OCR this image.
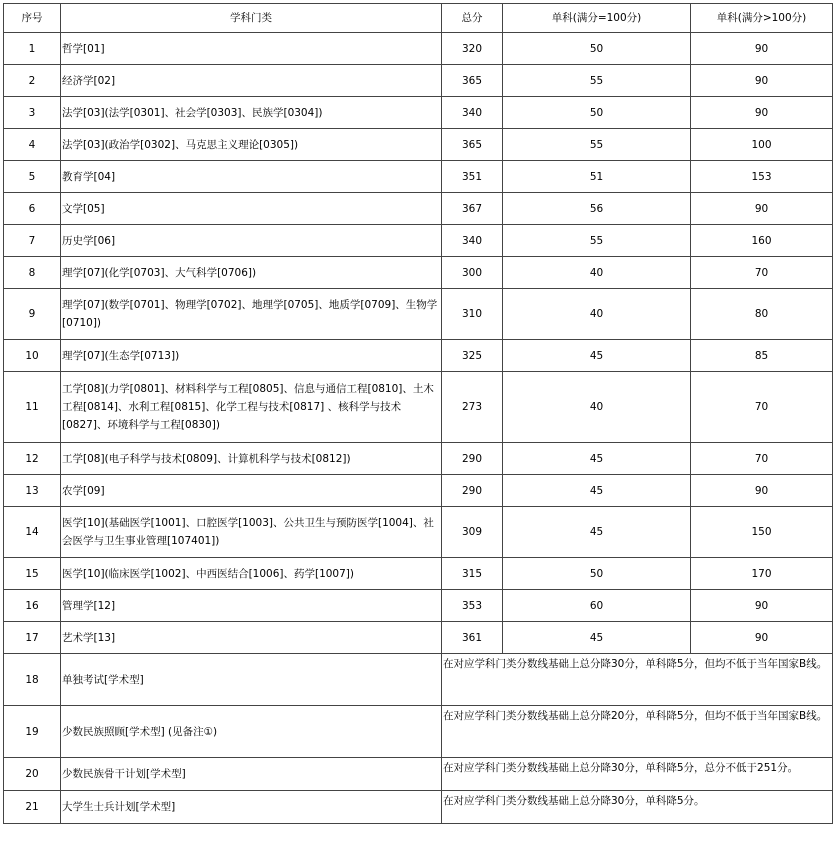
序号	学科门类	总分	单科(满分=100分)	单科(满分>100分)
1	哲学[01]	320	50	90
2	经济学[02]	365	55	90
3	法学[03](法学[0301]、社会学[0303]、民族学[0304])	340	50	90
4	法学[03](政治学[0302]、马克思主义理论[0305])	365	55	100
5	教育学[04]	351	51	153
6	文学[05]	367	56	90
7	历史学[06]	340	55	160
8	理学[07](化学[0703]、大气科学[0706])	300	40	70
9	理学[07](数学[0701]、物理学[0702]、地理学[0705]、地质学[0709]、生物学[0710])	310	40	80
10	理学[07](生态学[0713])	325	45	85
11	工学[08](力学[0801]、材料科学与工程[0805]、信息与通信工程[0810]、土木工程[0814]、水利工程[0815]、化学工程与技术[0817] 、核科学与技术[0827]、环境科学与工程[0830])	273	40	70
12	工学[08](电子科学与技术[0809]、计算机科学与技术[0812])	290	45	70
13	农学[09]	290	45	90
14	医学[10](基础医学[1001]、口腔医学[1003]、公共卫生与预防医学[1004]、社会医学与卫生事业管理[107401])	309	45	150
15	医学[10](临床医学[1002]、中西医结合[1006]、药学[1007])	315	50	170
16	管理学[12]	353	60	90
17	艺术学[13]	361	45	90
18	单独考试[学术型]	在对应学科门类分数线基础上总分降30分，单科降5分，但均不低于当年国家B线。		
19	少数民族照顾[学术型] (见备注①)	在对应学科门类分数线基础上总分降20分，单科降5分，但均不低于当年国家B线。		
20	少数民族骨干计划[学术型]	在对应学科门类分数线基础上总分降30分，单科降5分，总分不低于251分。		
21	大学生士兵计划[学术型]	在对应学科门类分数线基础上总分降30分，单科降5分。		
